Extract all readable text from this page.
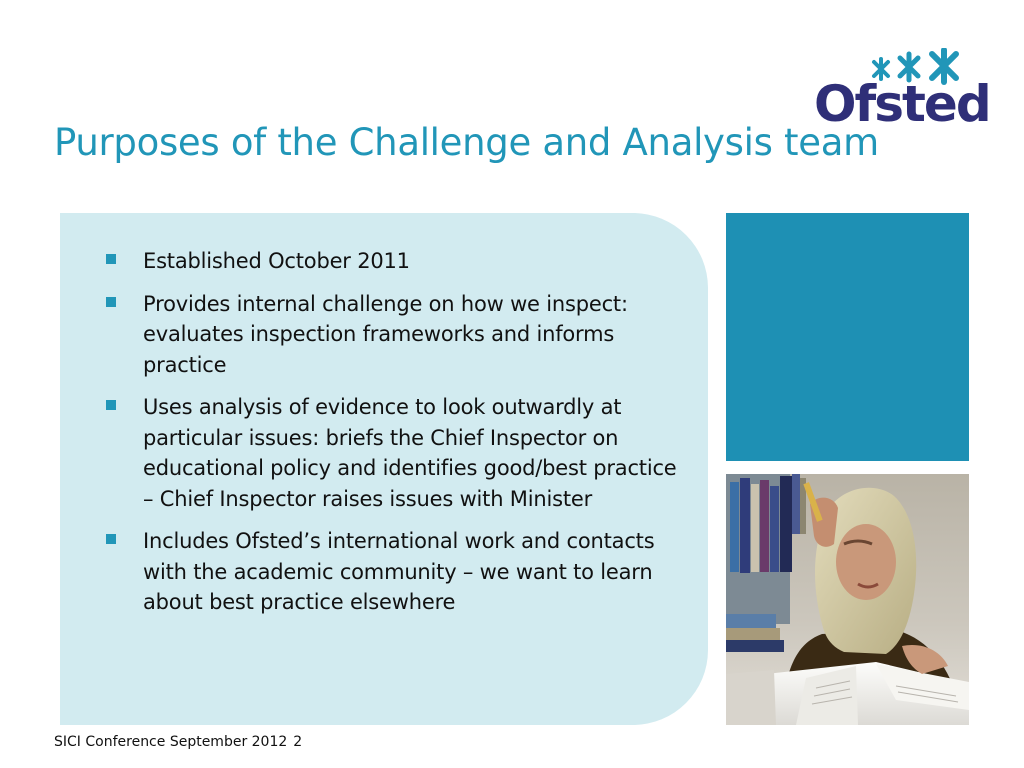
Ofsted
Purposes of the Challenge and Analysis team
Established October 2011
Provides internal challenge on how we inspect: evaluates inspection frameworks and informs practice
Uses analysis of evidence to look outwardly at particular issues: briefs the Chief Inspector on educational policy and identifies good/best practice – Chief Inspector raises issues with Minister
Includes Ofsted’s international work and contacts with the academic community – we want to learn about best practice elsewhere
SICI Conference September 2012 2
